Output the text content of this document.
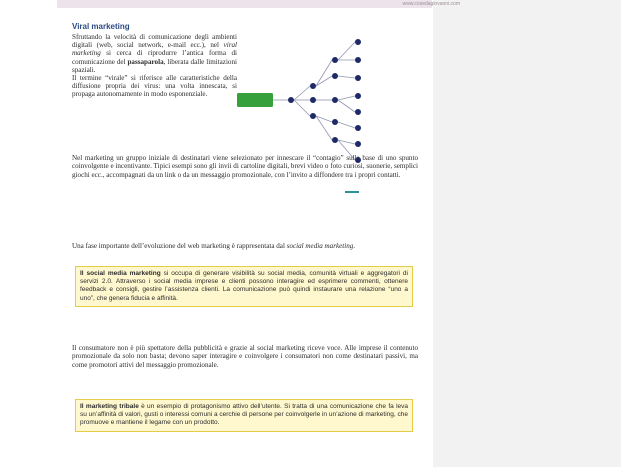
www.cosedagiovanni.com
Viral marketing

Sfruttando la velocità di comunicazione degli ambienti digitali (web, social network, e-mail ecc.), nel viral marketing si cerca di riprodurre l’antica forma di comunicazione del passaparola, liberata dalle limitazioni spaziali.

Il termine “virale” si riferisce alle caratteristiche della diffusione propria dei virus: una volta innescata, si propaga autonomamente in modo esponenziale.

Nel marketing un gruppo iniziale di destinatari viene selezionato per innescare il “contagio” sulla base di uno spunto coinvolgente e incentivante. Tipici esempi sono gli invii di cartoline digitali, brevi video o foto curiosi, suonerie, semplici giochi ecc., accompagnati da un link o da un messaggio promozionale, con l’invito a diffondere tra i propri contatti.

Una fase importante dell’evoluzione del web marketing è rappresentata dal social media marketing.

Il social media marketing si occupa di generare visibilità su social media, comunità virtuali e aggregatori di servizi 2.0. Attraverso i social media imprese e clienti possono interagire ed esprimere commenti, ottenere feedback e consigli, gestire l’assistenza clienti. La comunicazione può quindi instaurare una relazione “uno a uno”, che genera fiducia e affinità.

Il consumatore non è più spettatore della pubblicità e grazie al social marketing riceve voce. Alle imprese il contenuto promozionale da solo non basta; devono saper interagire e coinvolgere i consumatori non come destinatari passivi, ma come promotori attivi del messaggio promozionale.

Il marketing tribale è un esempio di protagonismo attivo dell’utente. Si tratta di una comunicazione che fa leva su un’affinità di valori, gusti o interessi comuni a cerchie di persone per coinvolgerle in un’azione di marketing, che promuove e mantiene il legame con un prodotto.
